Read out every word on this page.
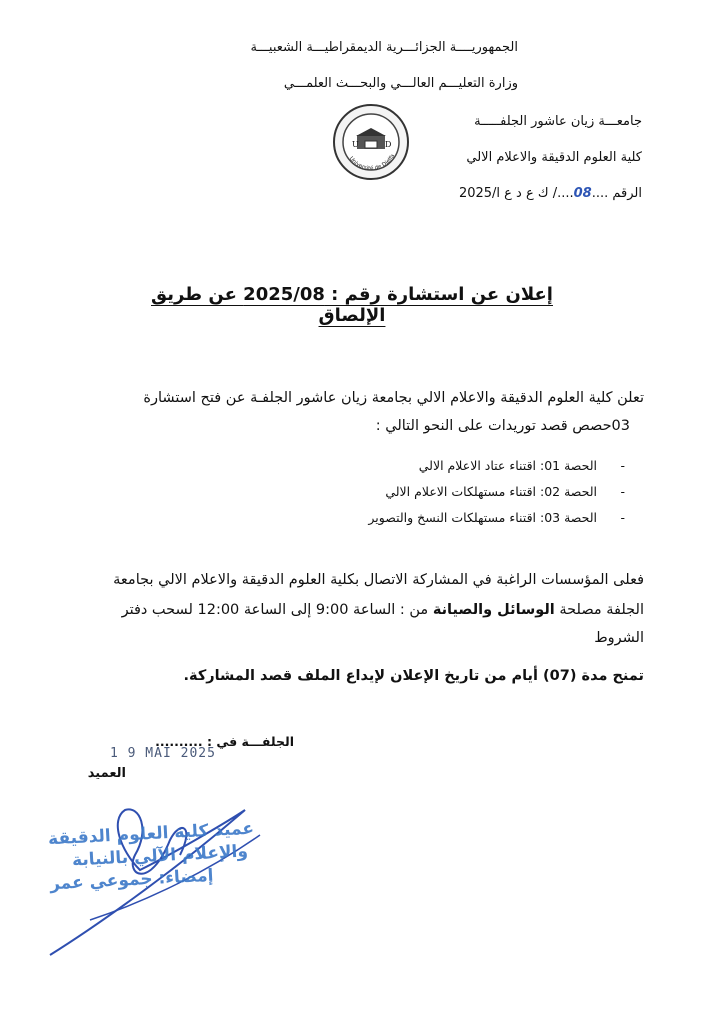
الجمهوريــــة الجزائـــرية الديمقراطيـــة الشعبيـــة
وزارة التعليـــم العالـــي والبحـــث العلمـــي
جامعـــة زيان عاشور الجلفـــــة
كلية العلوم الدقيقة والاعلام الالي
الرقم ....08..../ ك ع د ع ا/2025
U	D
Université de Djelfa
إعلان عن استشارة رقم : 2025/08 عن طريق الإلصاق
تعلن كلية العلوم الدقيقة والاعلام الالي بجامعة زيان عاشور الجلفـة عن فتح استشارة
03حصص قصد توريدات على النحو التالي :
-الحصة 01: اقتناء عتاد الاعلام الالي
-الحصة 02: اقتناء مستهلكات الاعلام الالي
-الحصة 03: اقتناء مستهلكات النسخ والتصوير
فعلى المؤسسات الراغبة في المشاركة الاتصال بكلية العلوم الدقيقة والاعلام الالي بجامعة
الجلفة مصلحة الوسائل والصيانة من : الساعة 9:00 إلى الساعة 12:00 لسحب دفتر
الشروط
تمنح مدة (07) أيام من تاريخ الإعلان لإيداع الملف قصد المشاركة.
الجلفـــة في : ..........
1 9 MAI 2025
العميد
عميد كلية العلوم الدقيقة
والإعلام الآلي بالنيابة
إمضاء: جموعي عمر
